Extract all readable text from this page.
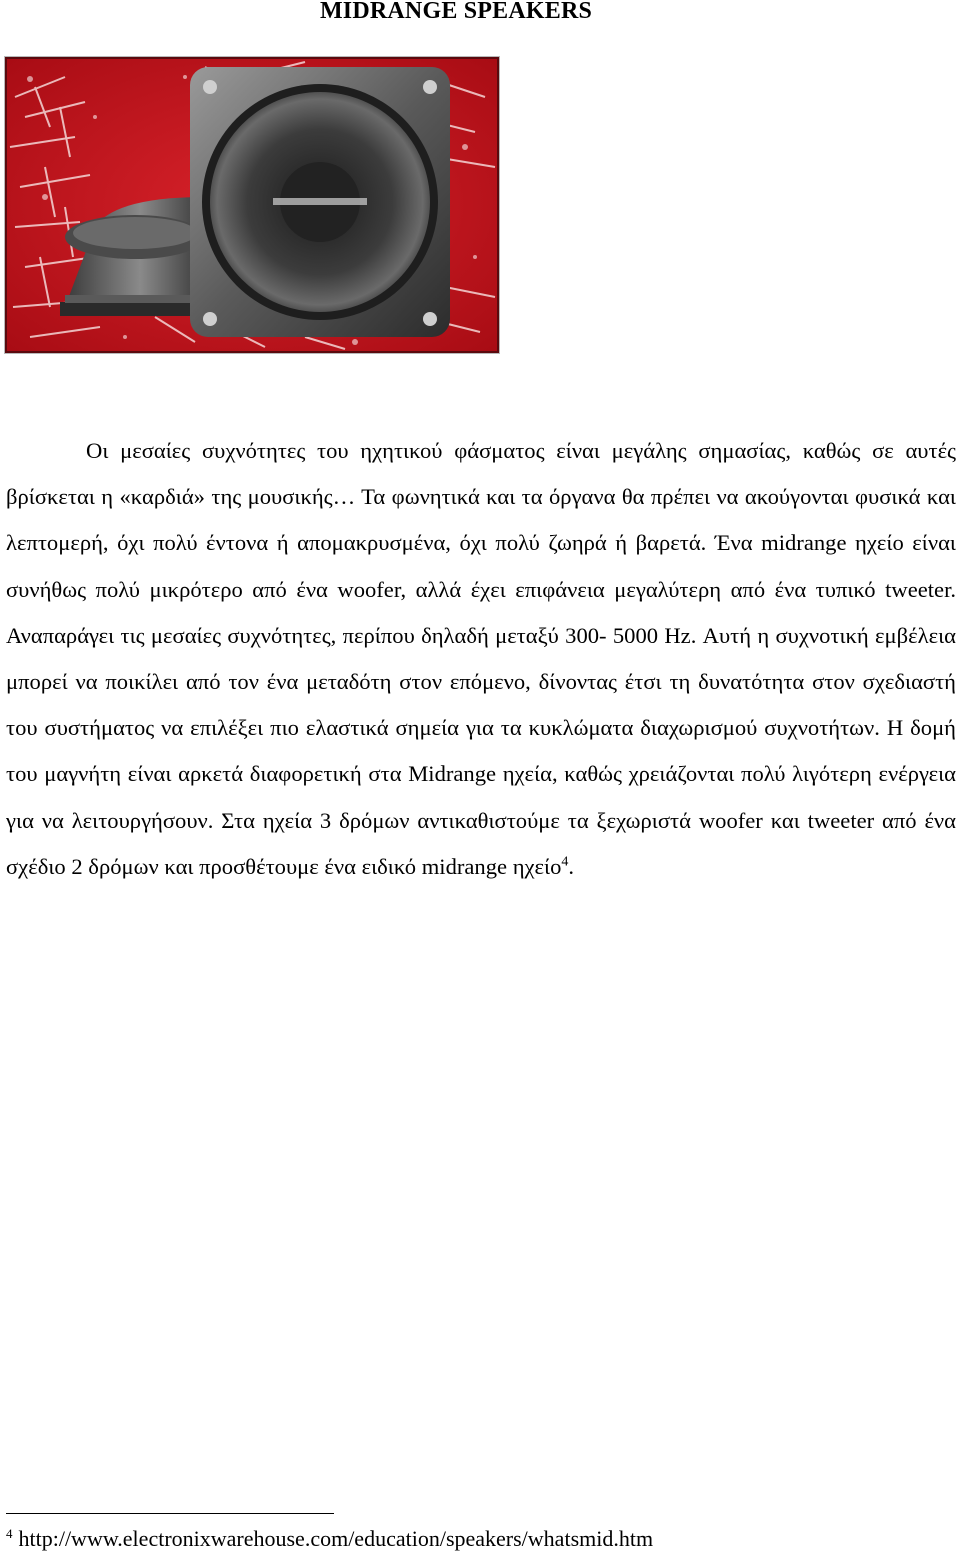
MIDRANGE SPEAKERS

Οι μεσαίες συχνότητες του ηχητικού φάσματος είναι μεγάλης σημασίας, καθώς σε αυτές βρίσκεται η «καρδιά» της μουσικής… Τα φωνητικά και τα όργανα θα πρέπει να ακούγονται φυσικά και λεπτομερή, όχι πολύ έντονα ή απομακρυσμένα, όχι πολύ ζωηρά ή βαρετά. Ένα midrange ηχείο είναι συνήθως πολύ μικρότερο από ένα woofer, αλλά έχει επιφάνεια μεγαλύτερη από ένα τυπικό tweeter. Αναπαράγει τις μεσαίες συχνότητες, περίπου δηλαδή μεταξύ 300- 5000 Hz. Αυτή η συχνοτική εμβέλεια μπορεί να ποικίλει από τον ένα μεταδότη στον επόμενο, δίνοντας έτσι τη δυνατότητα στον σχεδιαστή του συστήματος να επιλέξει πιο ελαστικά σημεία για τα κυκλώματα διαχωρισμού συχνοτήτων. Η δομή του μαγνήτη είναι αρκετά διαφορετική στα Midrange ηχεία, καθώς χρειάζονται πολύ λιγότερη ενέργεια για να λειτουργήσουν. Στα ηχεία 3 δρόμων αντικαθιστούμε τα ξεχωριστά woofer και tweeter από ένα σχέδιο 2 δρόμων και προσθέτουμε ένα ειδικό midrange ηχείο$^4$.

$^4$ http://www.electronixwarehouse.com/education/speakers/whatsmid.htm
